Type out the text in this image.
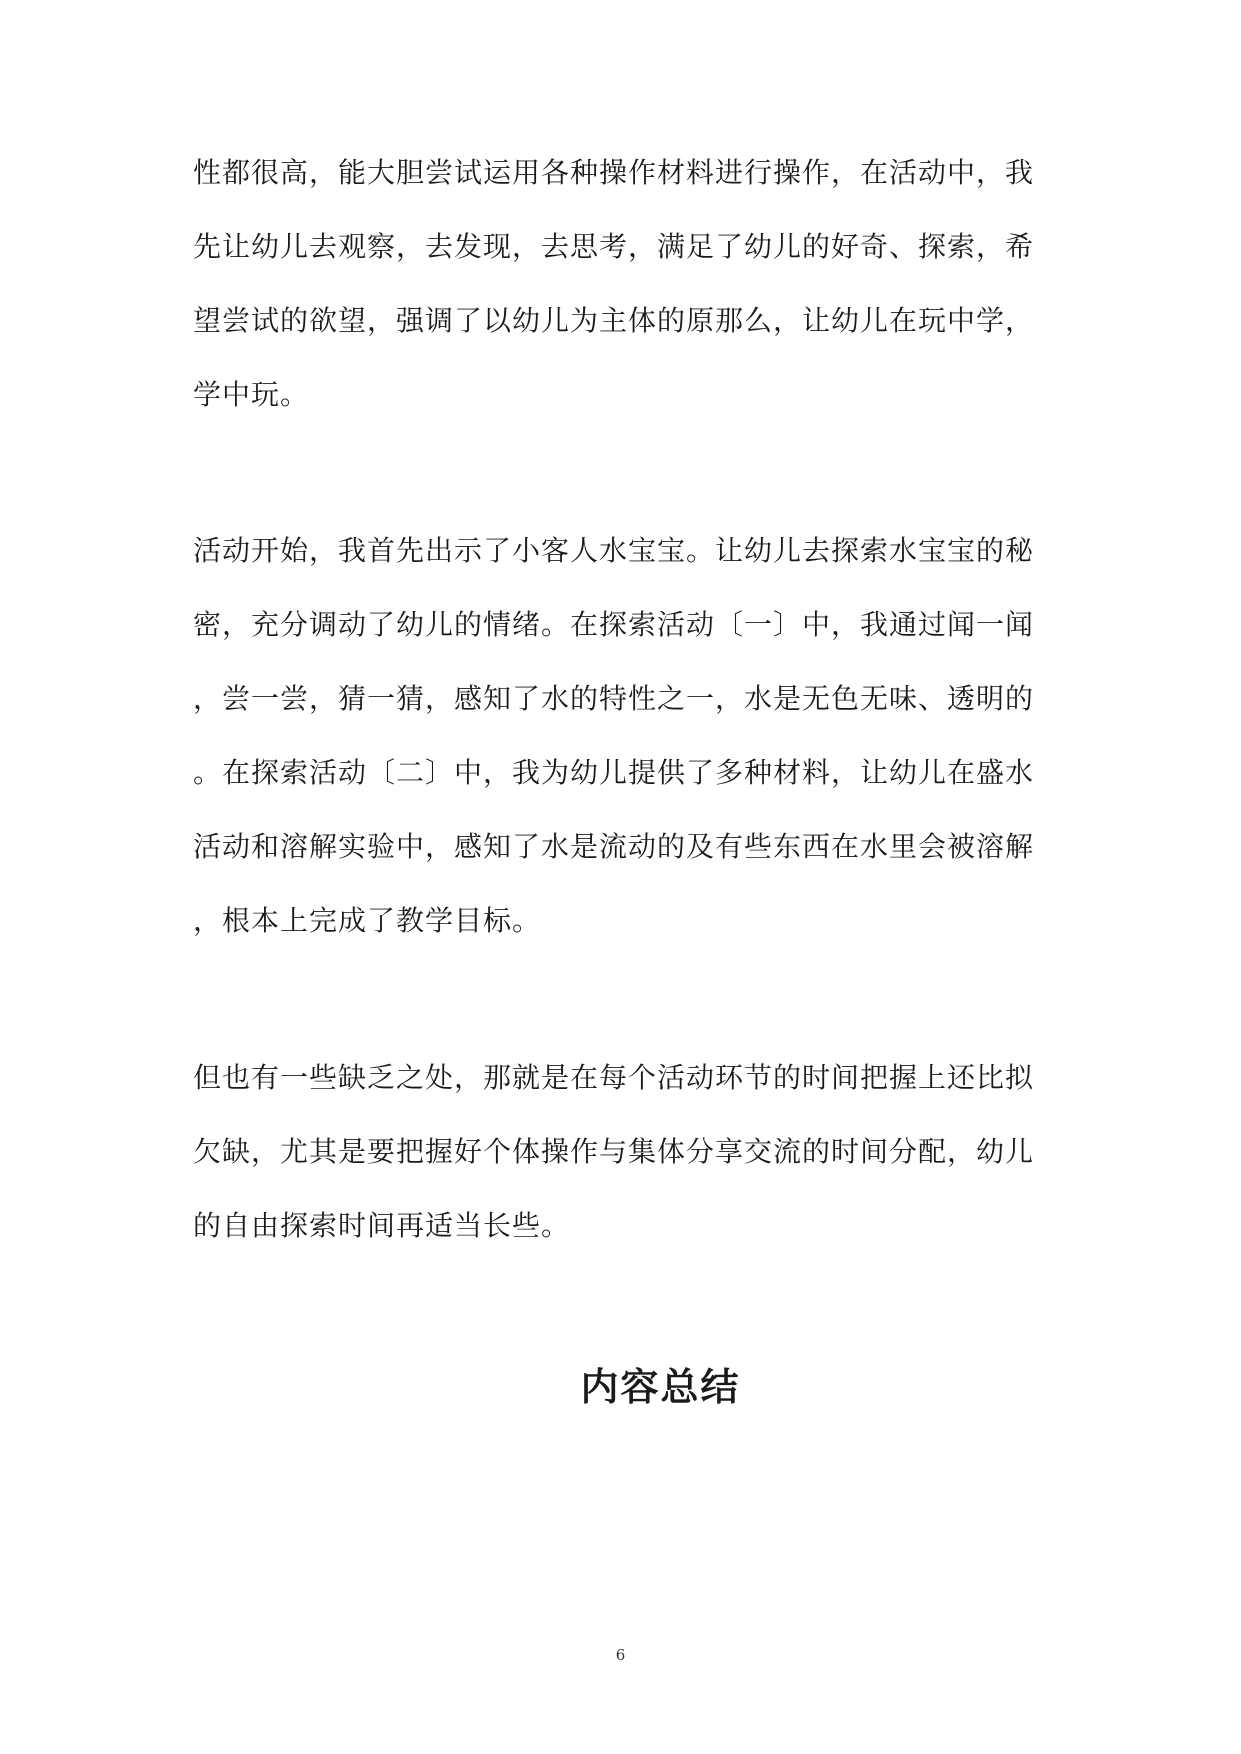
性都很高，能大胆尝试运用各种操作材料进行操作，在活动中，我
先让幼儿去观察，去发现，去思考，满足了幼儿的好奇、探索，希
望尝试的欲望，强调了以幼儿为主体的原那么，让幼儿在玩中学，
学中玩。
活动开始，我首先出示了小客人水宝宝。让幼儿去探索水宝宝的秘
密，充分调动了幼儿的情绪。在探索活动〔一〕中，我通过闻一闻
，尝一尝，猜一猜，感知了水的特性之一，水是无色无味、透明的
。在探索活动〔二〕中，我为幼儿提供了多种材料，让幼儿在盛水
活动和溶解实验中，感知了水是流动的及有些东西在水里会被溶解
，根本上完成了教学目标。
但也有一些缺乏之处，那就是在每个活动环节的时间把握上还比拟
欠缺，尤其是要把握好个体操作与集体分享交流的时间分配，幼儿
的自由探索时间再适当长些。
内容总结
6
